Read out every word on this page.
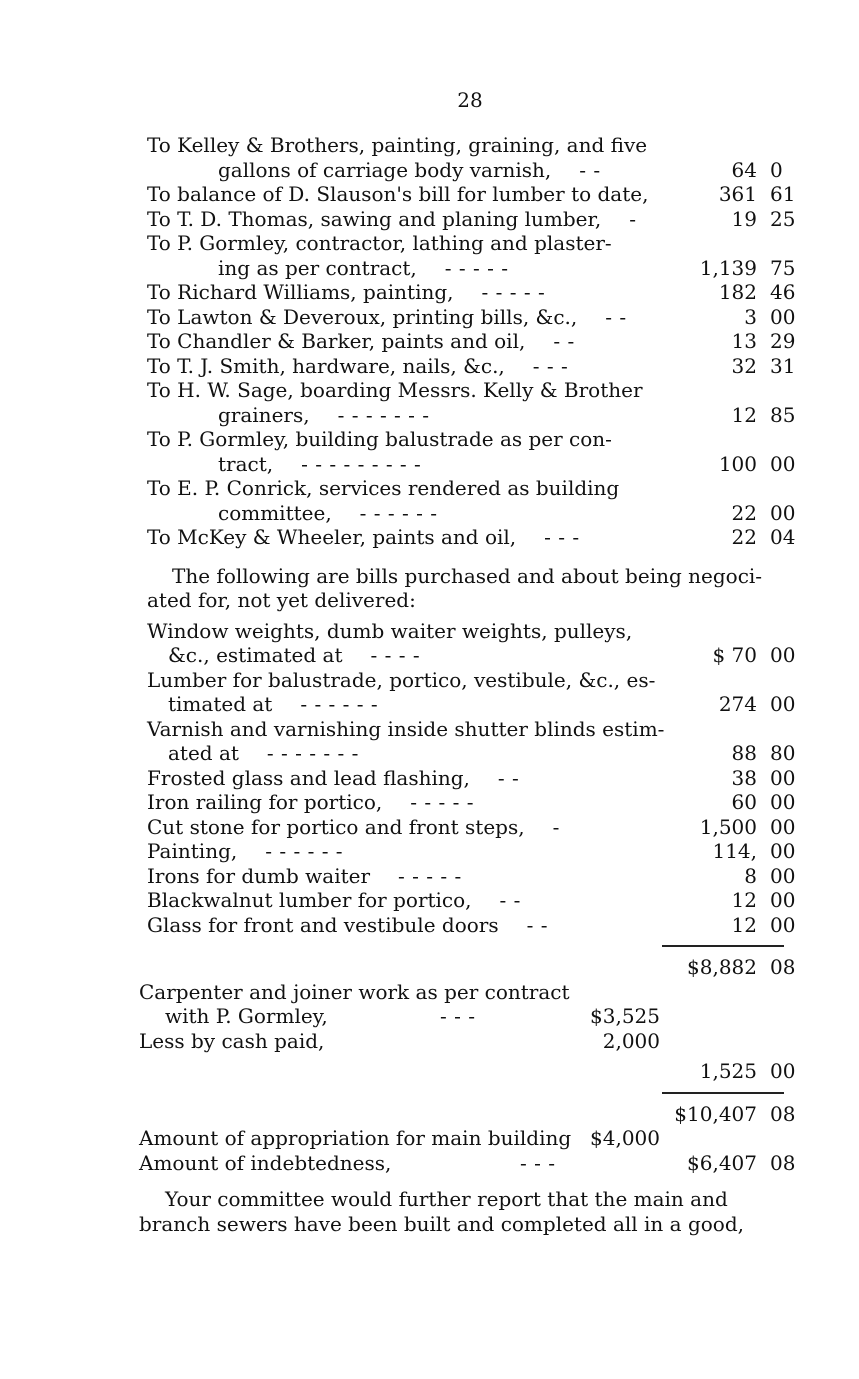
28
To Kelley & Brothers, painting, graining, and five
gallons of carriage body varnish, - -	64 0
To balance of D. Slauson's bill for lumber to date,	361 61
To T. D. Thomas, sawing and planing lumber, -	19 25
To P. Gormley, contractor, lathing and plaster-
ing as per contract, - - - - -	1,139 75
To Richard Williams, painting, - - - - -	182 46
To Lawton & Deveroux, printing bills, &c., - -	3 00
To Chandler & Barker, paints and oil, - -	13 29
To T. J. Smith, hardware, nails, &c., - - -	32 31
To H. W. Sage, boarding Messrs. Kelly & Brother
grainers, - - - - - - -	12 85
To P. Gormley, building balustrade as per con-
tract, - - - - - - - - -	100 00
To E. P. Conrick, services rendered as building
committee, - - - - - -	22 00
To McKey & Wheeler, paints and oil, - - -	22 04
The following are bills purchased and about being negoci-
ated for, not yet delivered:
Window weights, dumb waiter weights, pulleys,
&c., estimated at - - - -	$ 70 00
Lumber for balustrade, portico, vestibule, &c., es-
timated at - - - - - -	274 00
Varnish and varnishing inside shutter blinds estim-
ated at - - - - - - -	88 80
Frosted glass and lead flashing, - -	38 00
Iron railing for portico, - - - - -	60 00
Cut stone for portico and front steps, -	1,500 00
Painting, - - - - - -	114, 00
Irons for dumb waiter - - - - -	8 00
Blackwalnut lumber for portico, - -	12 00
Glass for front and vestibule doors - -	12 00
$8,882 08
Carpenter and joiner work as per contract
with P. Gormley,	- - -	$3,525
Less by cash paid,	2,000
1,525 00
$10,407 08
Amount of appropriation for main building $4,000
Amount of indebtedness,	- - -	$6,407 08
Your committee would further report that the main and
branch sewers have been built and completed all in a good,
